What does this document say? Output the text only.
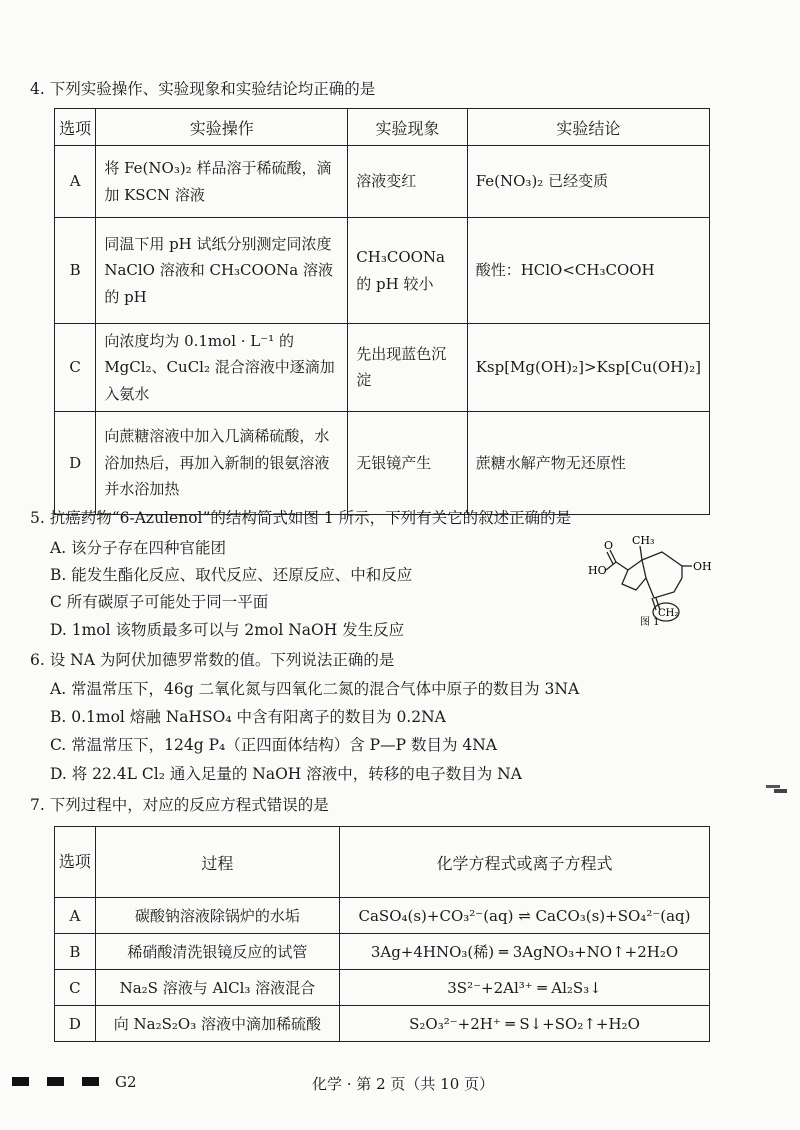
4. 下列实验操作、实验现象和实验结论均正确的是
选项	实验操作	实验现象	实验结论
A	将 Fe(NO₃)₂ 样品溶于稀硫酸，滴加 KSCN 溶液	溶液变红	Fe(NO₃)₂ 已经变质
B	同温下用 pH 试纸分别测定同浓度 NaClO 溶液和 CH₃COONa 溶液的 pH	CH₃COONa 的 pH 较小	酸性：HClO<CH₃COOH
C	向浓度均为 0.1mol · L⁻¹ 的 MgCl₂、CuCl₂ 混合溶液中逐滴加入氨水	先出现蓝色沉淀	Ksp[Mg(OH)₂]>Ksp[Cu(OH)₂]
D	向蔗糖溶液中加入几滴稀硫酸，水浴加热后，再加入新制的银氨溶液并水浴加热	无银镜产生	蔗糖水解产物无还原性
5. 抗癌药物“6-Azulenol”的结构简式如图 1 所示，下列有关它的叙述正确的是
A. 该分子存在四种官能团
B. 能发生酯化反应、取代反应、还原反应、中和反应
C 所有碳原子可能处于同一平面
D. 1mol 该物质最多可以与 2mol NaOH 发生反应
CH₃
OH
O
HO
CH₂
图 1
6. 设 NA 为阿伏加德罗常数的值。下列说法正确的是
A. 常温常压下，46g 二氧化氮与四氧化二氮的混合气体中原子的数目为 3NA
B. 0.1mol 熔融 NaHSO₄ 中含有阳离子的数目为 0.2NA
C. 常温常压下，124g P₄（正四面体结构）含 P—P 数目为 4NA
D. 将 22.4L Cl₂ 通入足量的 NaOH 溶液中，转移的电子数目为 NA
7. 下列过程中，对应的反应方程式错误的是
选项	过程	化学方程式或离子方程式
A	碳酸钠溶液除锅炉的水垢	CaSO₄(s)+CO₃²⁻(aq) ⇌ CaCO₃(s)+SO₄²⁻(aq)
B	稀硝酸清洗银镜反应的试管	3Ag+4HNO₃(稀) ═ 3AgNO₃+NO↑+2H₂O
C	Na₂S 溶液与 AlCl₃ 溶液混合	3S²⁻+2Al³⁺ ═ Al₂S₃↓
D	向 Na₂S₂O₃ 溶液中滴加稀硫酸	S₂O₃²⁻+2H⁺ ═ S↓+SO₂↑+H₂O
G2	化学 · 第 2 页（共 10 页）
